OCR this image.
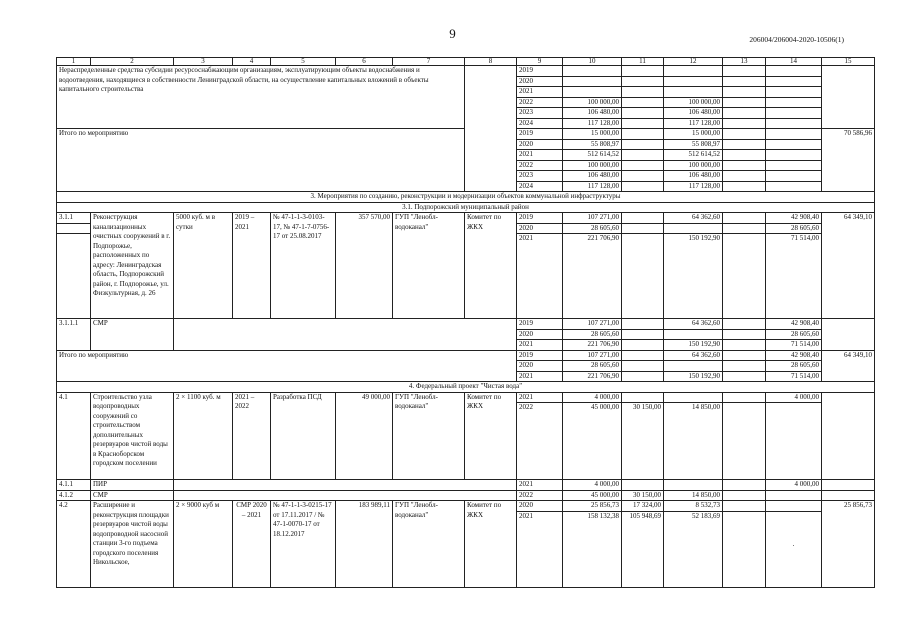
9	206004/206004-2020-10506(1)
1	2	3	4	5	6	7	8	9	10	11	12	13	14	15
Нераспределенные средства субсидии ресурсоснабжающим организациям, эксплуатирующим объекты водоснабжения и водоотведения, находящиеся в собственности Ленинградской области, на осуществление капитальных вложений в объекты капитального строительства								2019						
								2020						
								2021						
								2022	100 000,00		100 000,00			
								2023	106 480,00		106 480,00			
								2024	117 128,00		117 128,00			
Итого по мероприятию								2019	15 000,00		15 000,00			70 586,96
								2020	55 808,97		55 808,97			
								2021	512 614,52		512 614,52			
								2022	100 000,00		100 000,00			
								2023	106 480,00		106 480,00			
								2024	117 128,00		117 128,00			
3. Мероприятия по созданию, реконструкции и модернизации объектов коммунальной инфраструктуры														
3.1. Подпорожский муниципальный район														
3.1.1	Реконструкция канализационных очистных сооружений в г. Подпорожье, расположенных по адресу: Ленинградская область, Подпорожский район, г. Подпорожье, ул. Физкультурная, д. 26	5000 куб. м в сутки	2019 – 2021	№ 47-1-1-3-0103-17, № 47-1-7-0756-17 от 25.08.2017	357 570,00	ГУП "Ленобл-водоканал"	Комитет по ЖКХ	2019	107 271,00		64 362,60		42 908,40	64 349,10
								2020	28 605,60				28 605,60	
								2021	221 706,90		150 192,90		71 514,00	
3.1.1.1	СМР							2019	107 271,00		64 362,60		42 908,40	
								2020	28 605,60				28 605,60	
								2021	221 706,90		150 192,90		71 514,00	
Итого по мероприятию								2019	107 271,00		64 362,60		42 908,40	64 349,10
								2020	28 605,60				28 605,60	
								2021	221 706,90		150 192,90		71 514,00	
4. Федеральный проект "Чистая вода"														
4.1	Строительство узла водопроводных сооружений со строительством дополнительных резервуаров чистой воды в Красноборском городском поселении	2 × 1100 куб. м	2021 – 2022	Разработка ПСД	49 000,00	ГУП "Ленобл-водоканал"	Комитет по ЖКХ	2021	4 000,00				4 000,00	
								2022	45 000,00	30 150,00	14 850,00			
4.1.1	ПИР							2021	4 000,00				4 000,00	
4.1.2	СМР							2022	45 000,00	30 150,00	14 850,00			
4.2	Расширение и реконструкция площадки резервуаров чистой воды водопроводной насосной станции 3-го подъема городского поселения Никольское,	2 × 9000 куб м	СМР 2020 – 2021	№ 47-1-1-3-0215-17 от 17.11.2017 / № 47-1-0070-17 от 18.12.2017	183 989,11	ГУП "Ленобл-водоканал"	Комитет по ЖКХ	2020	25 856,73	17 324,00	8 532,73			25 856,73
								2021	158 132,38	105 948,69	52 183,69		·	
